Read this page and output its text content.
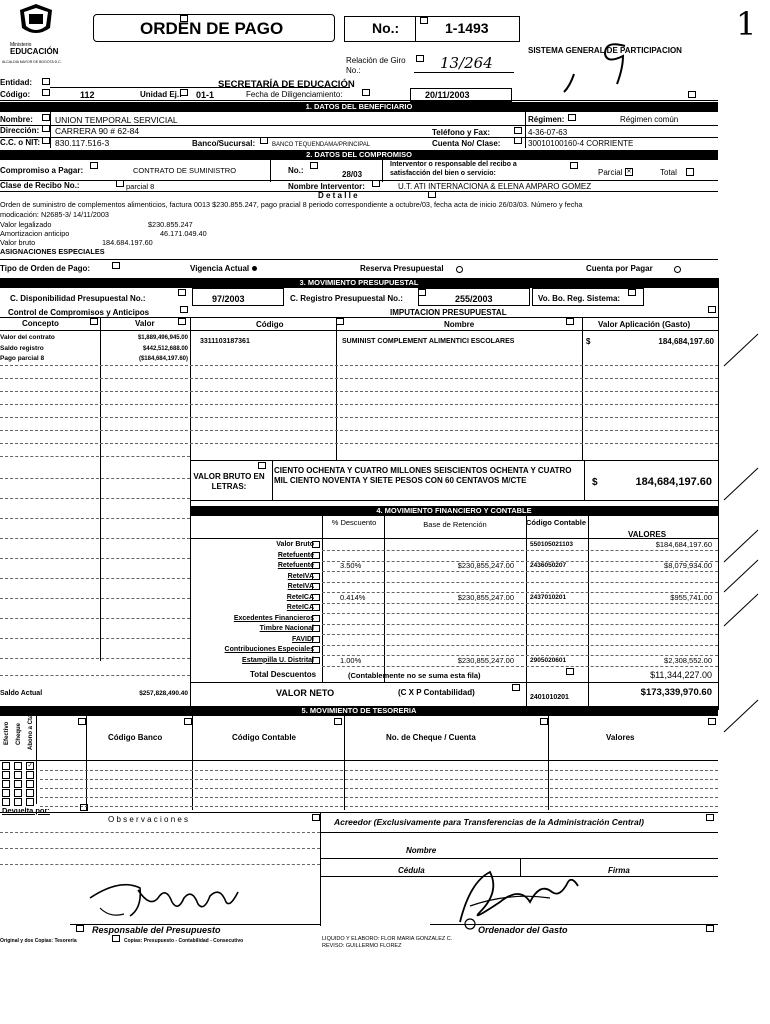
Ministerio
EDUCACIÓN
ALCALDIA MAYOR DE BOGOTA D.C.
ORDEN DE PAGO	No.:	1-1493
Relación de Giro No.:	13/264
SISTEMA GENERAL DE PARTICIPACION
1
Entidad:	SECRETARÍA DE EDUCACIÓN
Código:	112	Unidad Ej.: 01-1	Fecha de Diligenciamiento:	20/11/2003
1. DATOS DEL BENEFICIARIO
Nombre:	UNION TEMPORAL SERVICIAL	Régimen:	Régimen común
Dirección: CARRERA 90 # 62-84	Teléfono y Fax:	4-36-07-63
C.C. o NIT: 830.117.516-3	Banco/Sucursal:	BANCO TEQUENDAMA/PRINCIPAL	Cuenta No/ Clase:	30010100160-4 CORRIENTE
2. DATOS DEL COMPROMISO
Compromiso a Pagar:	CONTRATO DE SUMINISTRO	No.:	28/03
Interventor o responsable del recibo a satisfacción del bien o servicio:	Parcial ✕	Total
Clase de Recibo No.:	parcial 8	Nombre Interventor:	U.T. ATI INTERNACIONA & ELENA AMPARO GOMEZ
D e t a l l e
Orden de suministro de complementos alimenticios, factura 0013 $230.855.247, pago pracial 8 periodo correspondiente a octubre/03, fecha acta de inicio 26/03/03. Número y fecha
modicación: N2685-3/ 14/11/2003
Valor legalizado	$230.855.247
Amortizacion anticipo	46.171.049.40
Valor bruto	184.684.197.60
ASIGNACIONES ESPECIALES
Tipo de Orden de Pago:	Vigencia Actual	Reserva Presupuestal	Cuenta por Pagar
3. MOVIMIENTO PRESUPUESTAL
C. Disponibilidad Presupuestal No.:	97/2003	C. Registro Presupuestal No.:	255/2003	Vo. Bo. Reg. Sistema:
Control de Compromisos y Anticipos	IMPUTACION PRESUPUESTAL
Concepto	Valor	Código	Nombre	Valor Aplicación (Gasto)
Valor del contrato	$1,889,496,945.00
Saldo registro	$442,512,688.00
Pago parcial 8	($184,684,197.60)
3311103187361	SUMINIST COMPLEMENT ALIMENTICI ESCOLARES	$	184,684,197.60
VALOR BRUTO EN LETRAS:
CIENTO OCHENTA Y CUATRO MILLONES SEISCIENTOS OCHENTA Y CUATRO MIL CIENTO NOVENTA Y SIETE PESOS CON 60 CENTAVOS M/CTE	$	184,684,197.60
4. MOVIMIENTO FINANCIERO Y CONTABLE
% Descuento	Base de Retención	Código Contable
VALORES
Valor Bruto	550105021103	$184,684,197.60
Retefuente
Retefuente	3.50%	$230,855,247.00 2436050207	$8,079,934.00
ReteIVA
ReteIVA
ReteICA	0.414%	$230,855,247.00 2437010201	$955,741.00
ReteICA
Excedentes Financieros
Timbre Nacional
FAVIDI
Contribuciones Especiales
Estampilla U. Distrital	1.00%	$230,855,247.00 2905020601	$2,308,552.00
Total Descuentos	(Contablemente no se suma esta fila)	$11,344,227.00
Saldo Actual	$257,828,490.40	VALOR NETO	(C X P Contabilidad)
2401010201	$173,339,970.60
5. MOVIMIENTO DE TESORERIA
Efectivo	Cheque	Abono a Cta.	Código Banco	Código Contable	No. de Cheque / Cuenta	Valores
✓
Devuelta por:
O b s e r v a c i o n e s	Acreedor (Exclusivamente para Transferencias de la Administración Central)
Nombre
Cédula	Firma
Responsable del Presupuesto	Ordenador del Gasto
Original y dos Copias: Tesorería	Copias: Presupuesto - Contabilidad - Consecutivo	LIQUIDO Y ELABORO: FLOR MARIA GONZALEZ C.
REVISO: GUILLERMO FLOREZ
